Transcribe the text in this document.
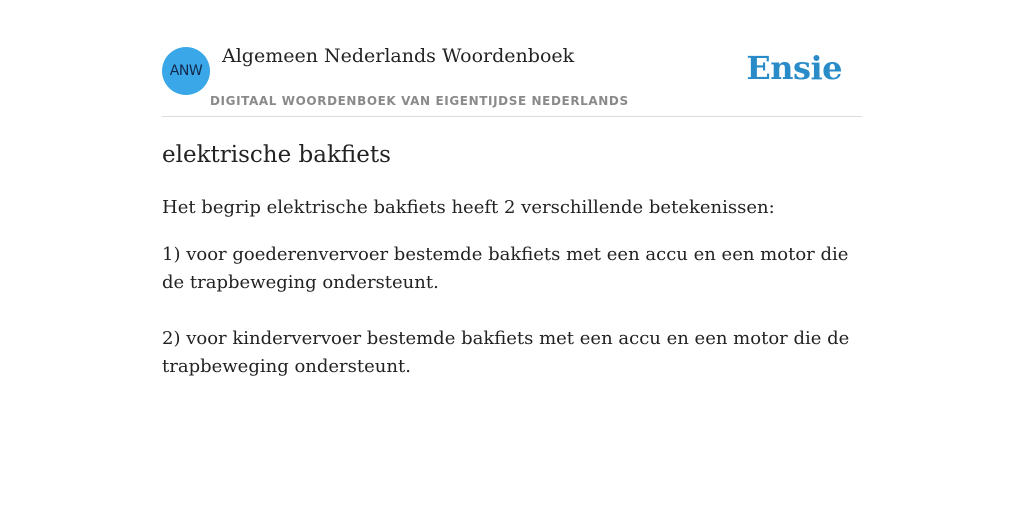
ANW
Algemeen Nederlands Woordenboek
DIGITAAL WOORDENBOEK VAN EIGENTIJDSE NEDERLANDS
Ensie
elektrische bakfiets

Het begrip elektrische bakfiets heeft 2 verschillende betekenissen:

1) voor goederenvervoer bestemde bakfiets met een accu en een motor die de trapbeweging ondersteunt.

2) voor kindervervoer bestemde bakfiets met een accu en een motor die de trapbeweging ondersteunt.
